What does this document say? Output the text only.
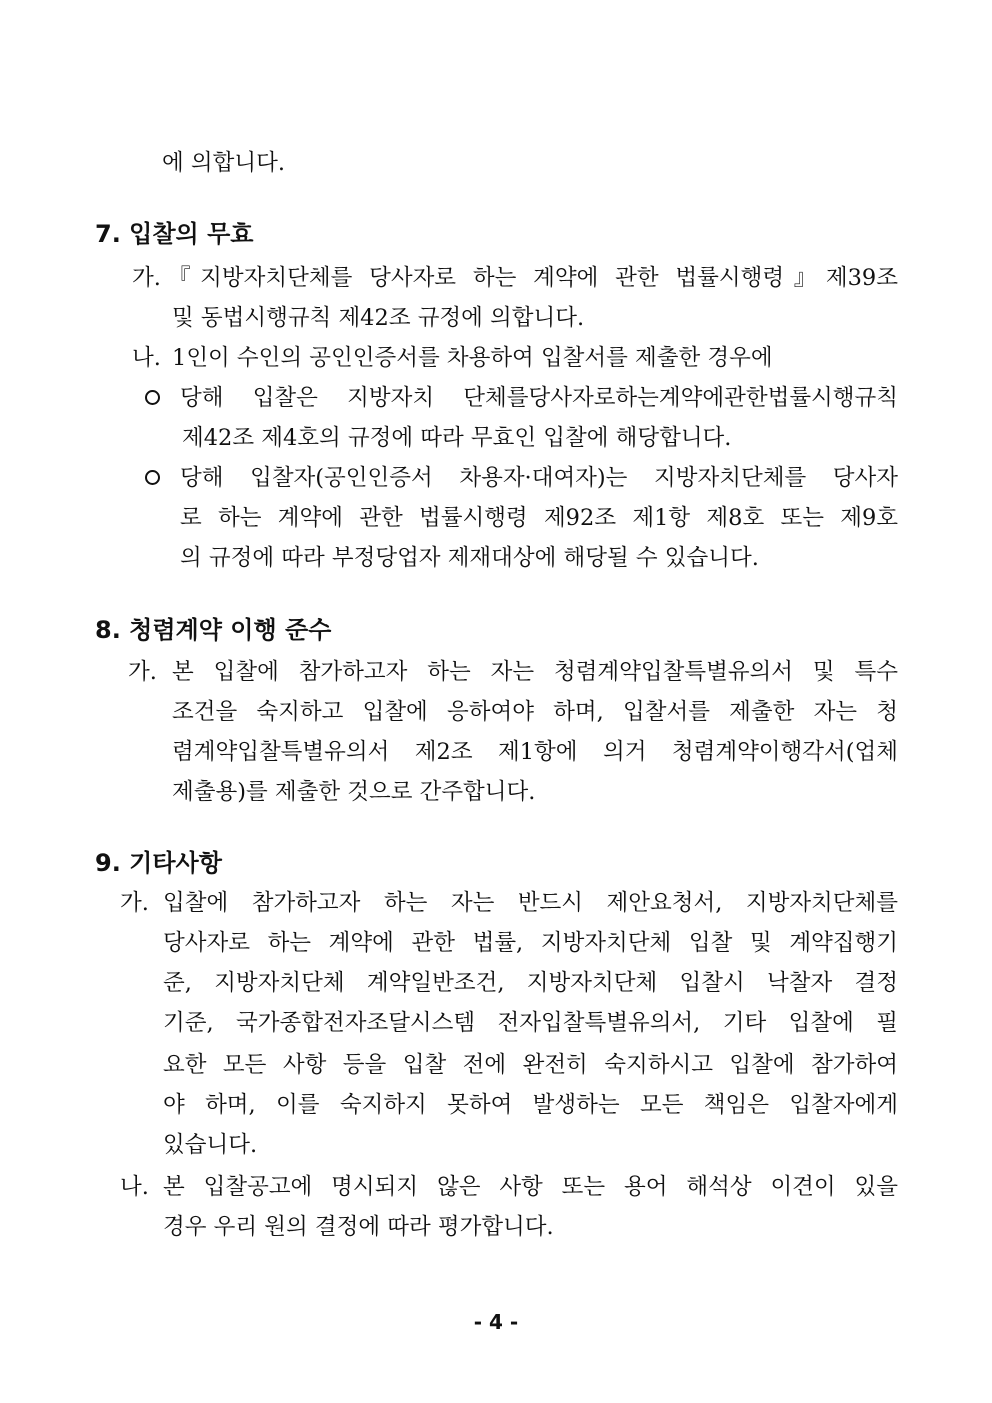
에 의합니다.
7. 입찰의 무효
가. 『지방자치단체를 당사자로 하는 계약에 관한 법률시행령』제39조
및 동법시행규칙 제42조 규정에 의합니다.
나. 1인이 수인의 공인인증서를 차용하여 입찰서를 제출한 경우에
당해 입찰은 지방자치 단체를당사자로하는계약에관한법률시행규칙
제42조 제4호의 규정에 따라 무효인 입찰에 해당합니다.
당해 입찰자(공인인증서 차용자·대여자)는 지방자치단체를 당사자
로 하는 계약에 관한 법률시행령 제92조 제1항 제8호 또는 제9호
의 규정에 따라 부정당업자 제재대상에 해당될 수 있습니다.
8. 청렴계약 이행 준수
가. 본 입찰에 참가하고자 하는 자는 청렴계약입찰특별유의서 및 특수
조건을 숙지하고 입찰에 응하여야 하며, 입찰서를 제출한 자는 청
렴계약입찰특별유의서 제2조 제1항에 의거 청렴계약이행각서(업체
제출용)를 제출한 것으로 간주합니다.
9. 기타사항
가. 입찰에 참가하고자 하는 자는 반드시 제안요청서, 지방자치단체를
당사자로 하는 계약에 관한 법률, 지방자치단체 입찰 및 계약집행기
준, 지방자치단체 계약일반조건, 지방자치단체 입찰시 낙찰자 결정
기준, 국가종합전자조달시스템 전자입찰특별유의서, 기타 입찰에 필
요한 모든 사항 등을 입찰 전에 완전히 숙지하시고 입찰에 참가하여
야 하며, 이를 숙지하지 못하여 발생하는 모든 책임은 입찰자에게
있습니다.
나. 본 입찰공고에 명시되지 않은 사항 또는 용어 해석상 이견이 있을
경우 우리 원의 결정에 따라 평가합니다.
- 4 -
